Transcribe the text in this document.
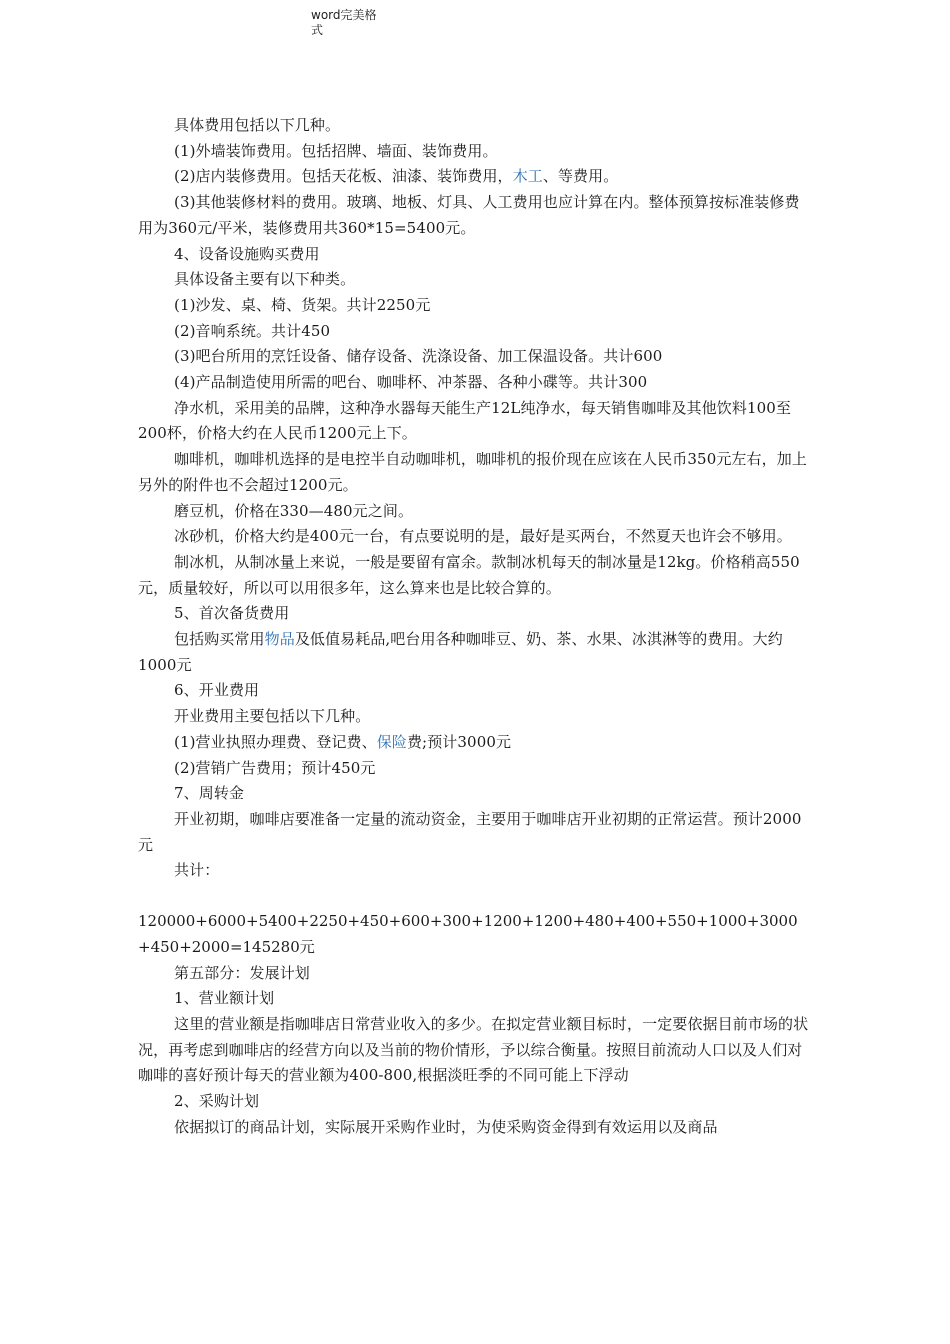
word完美格
式

具体费用包括以下几种。

(1)外墙装饰费用。包括招牌、墙面、装饰费用。

(2)店内装修费用。包括天花板、油漆、装饰费用，木工、等费用。

(3)其他装修材料的费用。玻璃、地板、灯具、人工费用也应计算在内。整体预算按标准装修费用为360元/平米，装修费用共360*15=5400元。

4、设备设施购买费用

具体设备主要有以下种类。

(1)沙发、桌、椅、货架。共计2250元

(2)音响系统。共计450

(3)吧台所用的烹饪设备、储存设备、洗涤设备、加工保温设备。共计600

(4)产品制造使用所需的吧台、咖啡杯、冲茶器、各种小碟等。共计300

净水机，采用美的品牌，这种净水器每天能生产12L纯净水，每天销售咖啡及其他饮料100至200杯，价格大约在人民币1200元上下。

咖啡机，咖啡机选择的是电控半自动咖啡机，咖啡机的报价现在应该在人民币350元左右，加上另外的附件也不会超过1200元。

磨豆机，价格在330—480元之间。

冰砂机，价格大约是400元一台，有点要说明的是，最好是买两台，不然夏天也许会不够用。

制冰机，从制冰量上来说，一般是要留有富余。款制冰机每天的制冰量是12kg。价格稍高550元，质量较好，所以可以用很多年，这么算来也是比较合算的。

5、首次备货费用

包括购买常用物品及低值易耗品,吧台用各种咖啡豆、奶、茶、水果、冰淇淋等的费用。大约1000元

6、开业费用

开业费用主要包括以下几种。

(1)营业执照办理费、登记费、保险费;预计3000元

(2)营销广告费用；预计450元

7、周转金

开业初期，咖啡店要准备一定量的流动资金，主要用于咖啡店开业初期的正常运营。预计2000元

共计：

120000+6000+5400+2250+450+600+300+1200+1200+480+400+550+1000+3000+450+2000=145280元

第五部分：发展计划

1、营业额计划

这里的营业额是指咖啡店日常营业收入的多少。在拟定营业额目标时，一定要依据目前市场的状况，再考虑到咖啡店的经营方向以及当前的物价情形，予以综合衡量。按照目前流动人口以及人们对咖啡的喜好预计每天的营业额为400-800,根据淡旺季的不同可能上下浮动

2、采购计划

依据拟订的商品计划，实际展开采购作业时，为使采购资金得到有效运用以及商品
